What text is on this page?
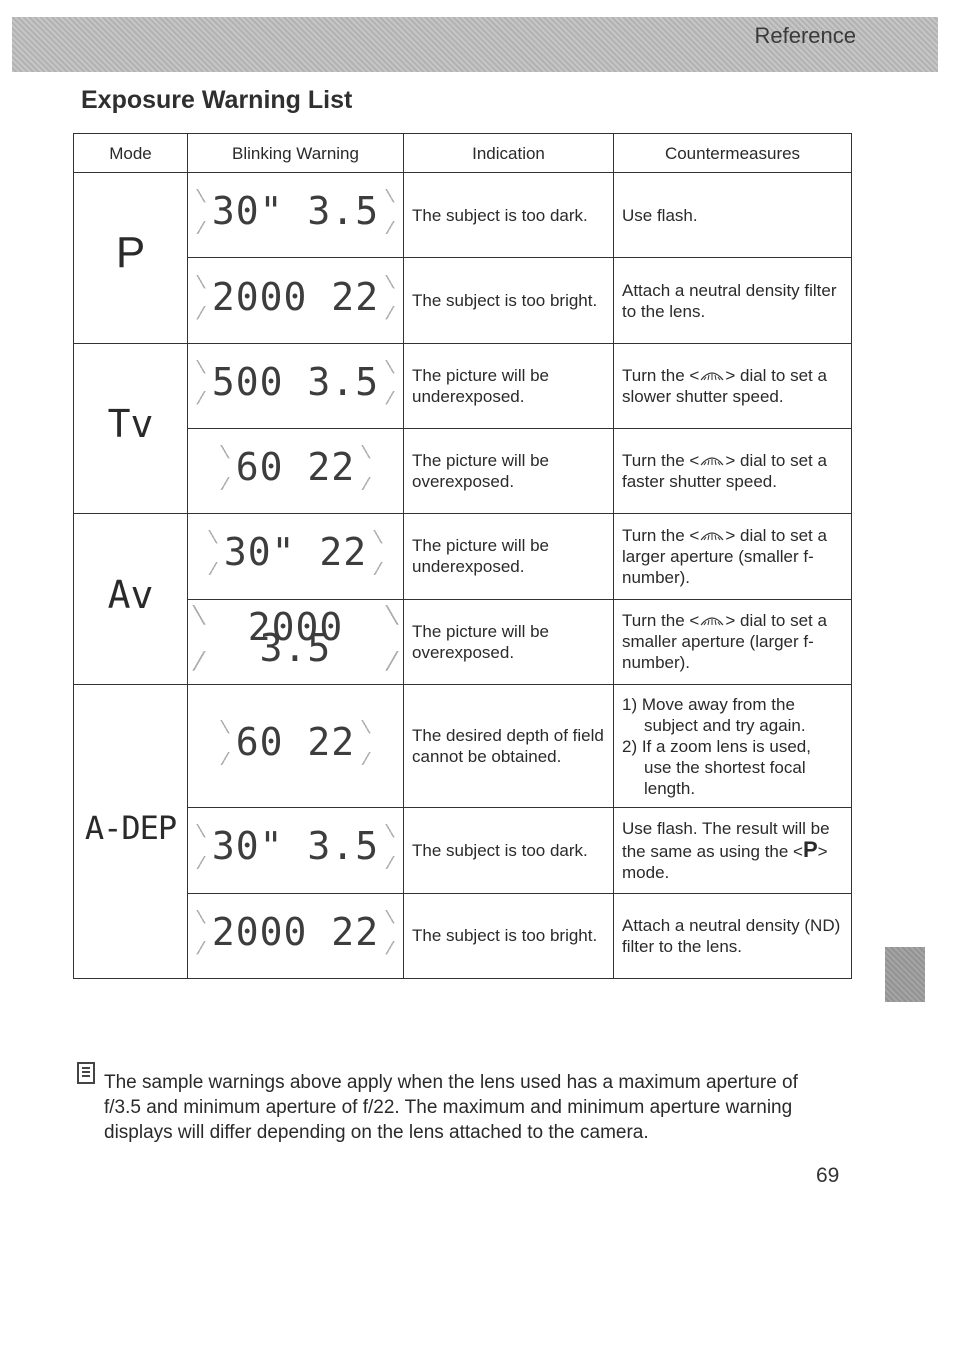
Reference
Exposure Warning List
Mode	Blinking Warning	Indication	Countermeasures
P	30" 3.5	The subject is too dark.	Use flash.
	2000 22	The subject is too bright.	Attach a neutral density filter to the lens.
Tv	500 3.5	The picture will be underexposed.	Turn the < > dial to set a slower shutter speed.
	60 22	The picture will be overexposed.	Turn the < > dial to set a faster shutter speed.
Av	30" 22	The picture will be underexposed.	Turn the < > dial to set a larger aperture (smaller f-number).
	2000 3.5	The picture will be overexposed.	Turn the < > dial to set a smaller aperture (larger f-number).
A-DEP	60 22	The desired depth of field cannot be obtained.	1) Move away from the subject and try again.
2) If a zoom lens is used, use the shortest focal length.

	30" 3.5	The subject is too dark.	Use flash. The result will be the same as using the <P> mode.
	2000 22	The subject is too bright.	Attach a neutral density (ND) filter to the lens.

The sample warnings above apply when the lens used has a maximum aperture of f/3.5 and minimum aperture of f/22. The maximum and minimum aperture warning displays will differ depending on the lens attached to the camera.

69
